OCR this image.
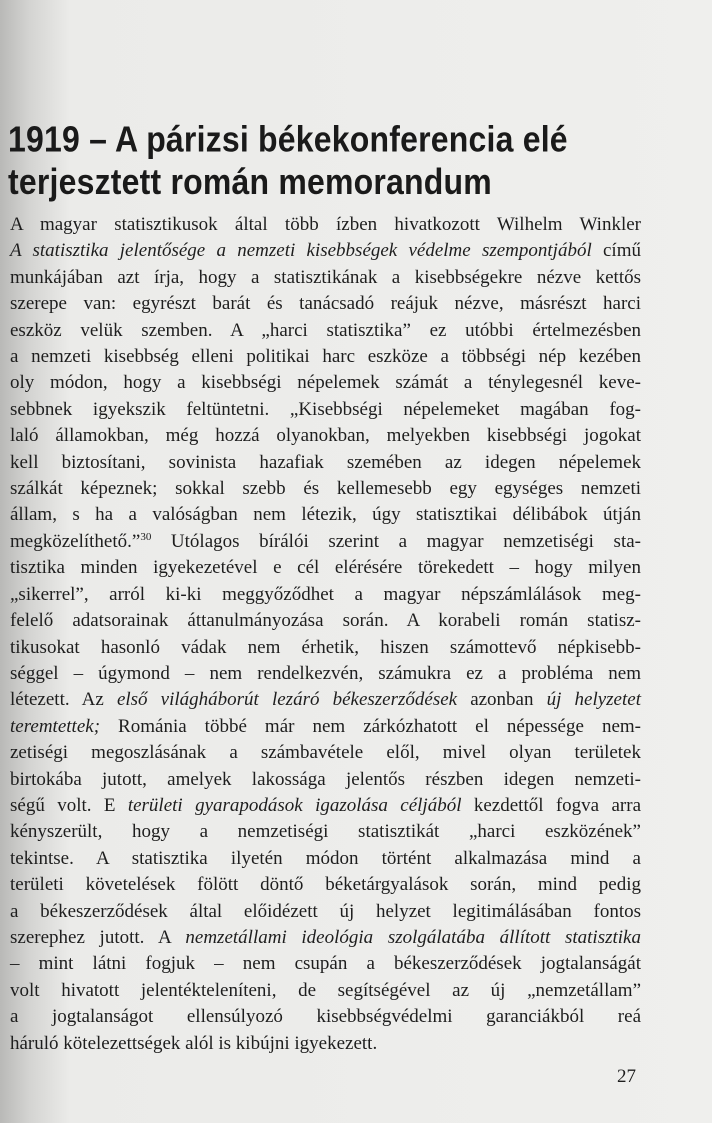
1919 – A párizsi békekonferencia elé
terjesztett román memorandum
A magyar statisztikusok által több ízben hivatkozott Wilhelm Winkler
A statisztika jelentősége a nemzeti kisebbségek védelme szempontjából című
munkájában azt írja, hogy a statisztikának a kisebbségekre nézve kettős
szerepe van: egyrészt barát és tanácsadó reájuk nézve, másrészt harci
eszköz velük szemben. A „harci statisztika” ez utóbbi értelmezésben
a nemzeti kisebbség elleni politikai harc eszköze a többségi nép kezében
oly módon, hogy a kisebbségi népelemek számát a ténylegesnél keve-
sebbnek igyekszik feltüntetni. „Kisebbségi népelemeket magában fog-
laló államokban, még hozzá olyanokban, melyekben kisebbségi jogokat
kell biztosítani, sovinista hazafiak szemében az idegen népelemek
szálkát képeznek; sokkal szebb és kellemesebb egy egységes nemzeti
állam, s ha a valóságban nem létezik, úgy statisztikai délibábok útján
megközelíthető.”$^{30}$ Utólagos bírálói szerint a magyar nemzetiségi sta-
tisztika minden igyekezetével e cél elérésére törekedett – hogy milyen
„sikerrel”, arról ki-ki meggyőződhet a magyar népszámlálások meg-
felelő adatsorainak áttanulmányozása során. A korabeli román statisz-
tikusokat hasonló vádak nem érhetik, hiszen számottevő népkisebb-
séggel – úgymond – nem rendelkezvén, számukra ez a probléma nem
létezett. Az első világháborút lezáró békeszerződések azonban új helyzetet
teremtettek; Románia többé már nem zárkózhatott el népessége nem-
zetiségi megoszlásának a számbavétele elől, mivel olyan területek
birtokába jutott, amelyek lakossága jelentős részben idegen nemzeti-
ségű volt. E területi gyarapodások igazolása céljából kezdettől fogva arra
kényszerült, hogy a nemzetiségi statisztikát „harci eszközének”
tekintse. A statisztika ilyetén módon történt alkalmazása mind a
területi követelések fölött döntő béketárgyalások során, mind pedig
a békeszerződések által előidézett új helyzet legitimálásában fontos
szerephez jutott. A nemzetállami ideológia szolgálatába állított statisztika
– mint látni fogjuk – nem csupán a békeszerződések jogtalanságát
volt hivatott jelentékteleníteni, de segítségével az új „nemzetállam”
a jogtalanságot ellensúlyozó kisebbségvédelmi garanciákból reá
háruló kötelezettségek alól is kibújni igyekezett.
27
